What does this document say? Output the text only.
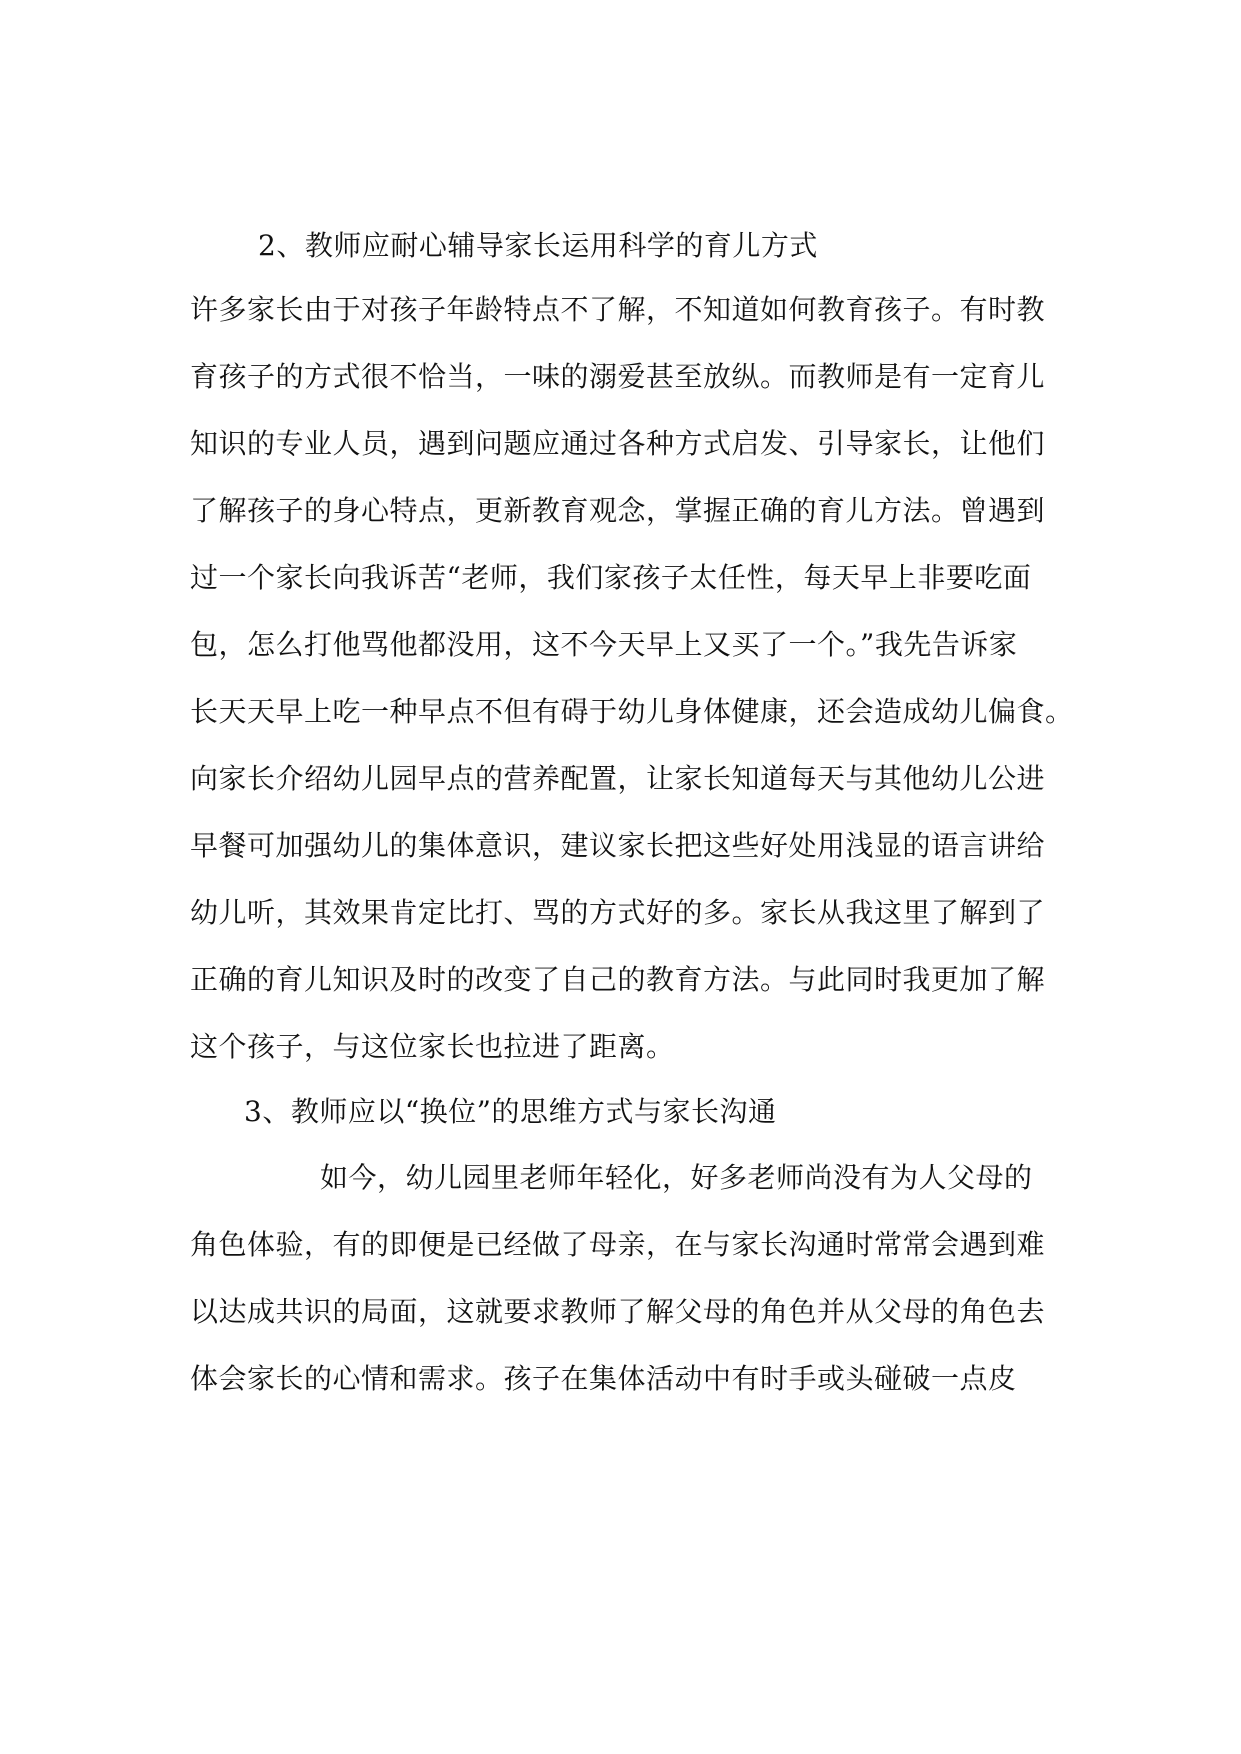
2、教师应耐心辅导家长运用科学的育儿方式
许多家长由于对孩子年龄特点不了解，不知道如何教育孩子。有时教
育孩子的方式很不恰当，一味的溺爱甚至放纵。而教师是有一定育儿
知识的专业人员，遇到问题应通过各种方式启发、引导家长，让他们
了解孩子的身心特点，更新教育观念，掌握正确的育儿方法。曾遇到
过一个家长向我诉苦“老师，我们家孩子太任性，每天早上非要吃面
包，怎么打他骂他都没用，这不今天早上又买了一个。”我先告诉家
长天天早上吃一种早点不但有碍于幼儿身体健康，还会造成幼儿偏食。
向家长介绍幼儿园早点的营养配置，让家长知道每天与其他幼儿公进
早餐可加强幼儿的集体意识，建议家长把这些好处用浅显的语言讲给
幼儿听，其效果肯定比打、骂的方式好的多。家长从我这里了解到了
正确的育儿知识及时的改变了自己的教育方法。与此同时我更加了解
这个孩子，与这位家长也拉进了距离。
3、教师应以“换位”的思维方式与家长沟通
如今，幼儿园里老师年轻化，好多老师尚没有为人父母的
角色体验，有的即便是已经做了母亲，在与家长沟通时常常会遇到难
以达成共识的局面，这就要求教师了解父母的角色并从父母的角色去
体会家长的心情和需求。孩子在集体活动中有时手或头碰破一点皮
